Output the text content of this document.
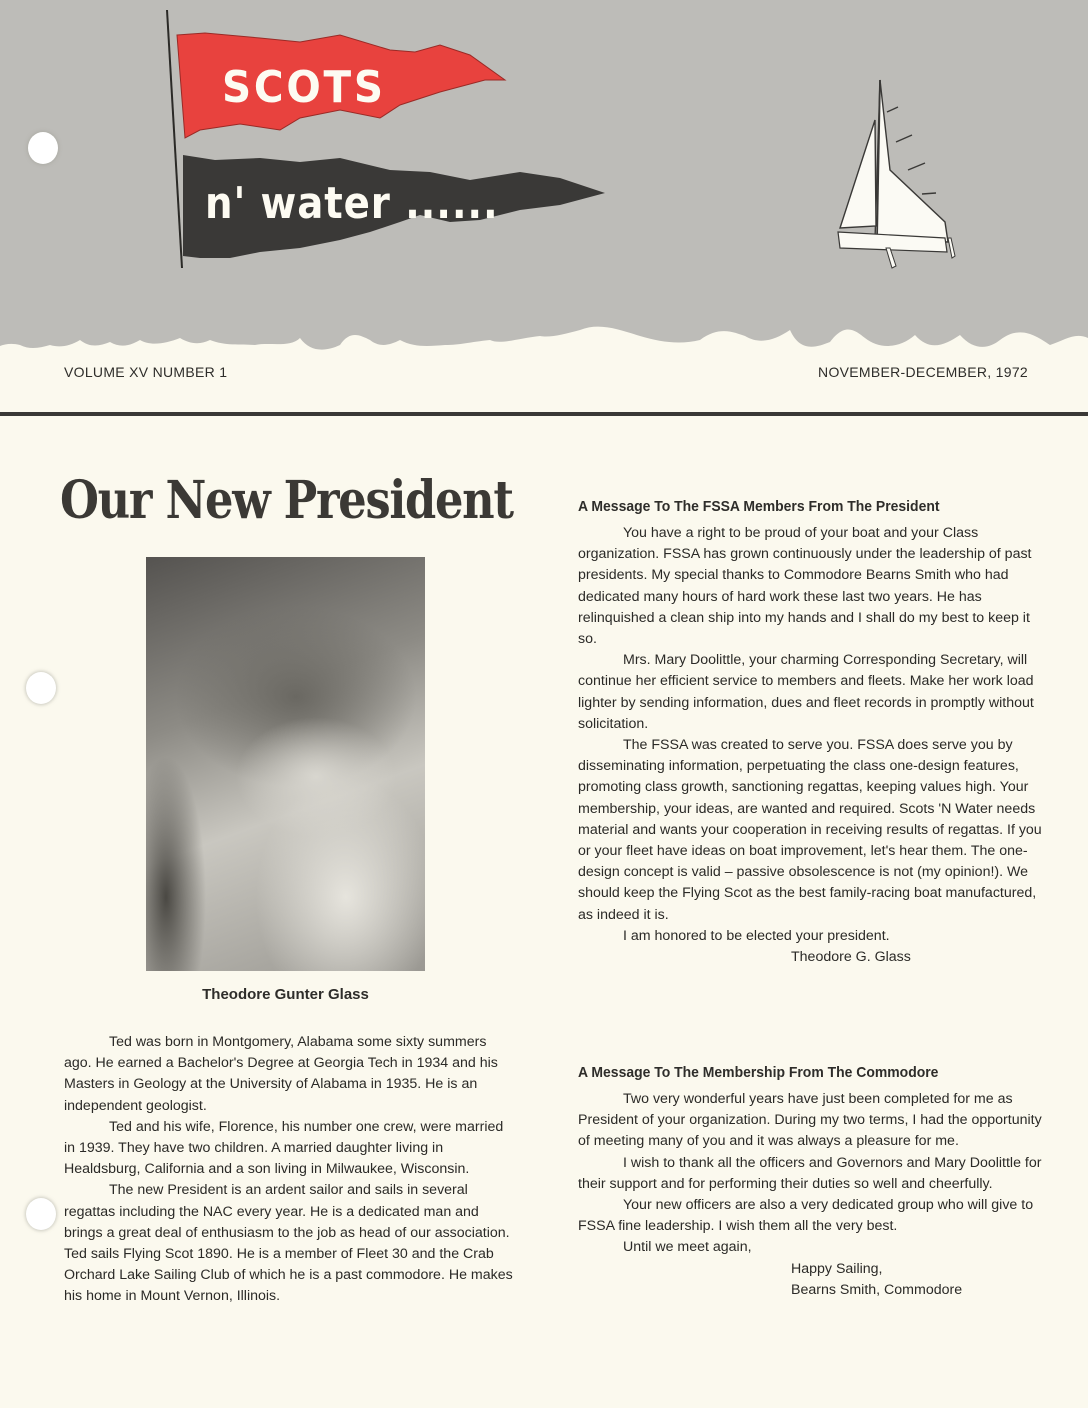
SCOTS
n' water ......
VOLUME XV NUMBER 1	NOVEMBER-DECEMBER, 1972
Our New President
Theodore Gunter Glass

Ted was born in Montgomery, Alabama some sixty summers ago. He earned a Bachelor's Degree at Georgia Tech in 1934 and his Masters in Geology at the University of Alabama in 1935. He is an independent geologist.

Ted and his wife, Florence, his number one crew, were married in 1939. They have two children. A married daughter living in Healdsburg, California and a son living in Milwaukee, Wisconsin.

The new President is an ardent sailor and sails in several regattas including the NAC every year. He is a dedicated man and brings a great deal of enthusiasm to the job as head of our association. Ted sails Flying Scot 1890. He is a member of Fleet 30 and the Crab Orchard Lake Sailing Club of which he is a past commodore. He makes his home in Mount Vernon, Illinois.

A Message To The FSSA Members From The President

You have a right to be proud of your boat and your Class organization. FSSA has grown continuously under the leadership of past presidents. My special thanks to Commodore Bearns Smith who had dedicated many hours of hard work these last two years. He has relinquished a clean ship into my hands and I shall do my best to keep it so.

Mrs. Mary Doolittle, your charming Corresponding Secretary, will continue her efficient service to members and fleets. Make her work load lighter by sending information, dues and fleet records in promptly without solicitation.

The FSSA was created to serve you. FSSA does serve you by disseminating information, perpetuating the class one-design features, promoting class growth, sanctioning regattas, keeping values high. Your membership, your ideas, are wanted and required. Scots 'N Water needs material and wants your cooperation in receiving results of regattas. If you or your fleet have ideas on boat improvement, let's hear them. The one-design concept is valid – passive obsolescence is not (my opinion!). We should keep the Flying Scot as the best family-racing boat manufactured, as indeed it is.

I am honored to be elected your president.

Theodore G. Glass

A Message To The Membership From The Commodore

Two very wonderful years have just been completed for me as President of your organization. During my two terms, I had the opportunity of meeting many of you and it was always a pleasure for me.

I wish to thank all the officers and Governors and Mary Doolittle for their support and for performing their duties so well and cheerfully.

Your new officers are also a very dedicated group who will give to FSSA fine leadership. I wish them all the very best.

Until we meet again,

Happy Sailing,

Bearns Smith, Commodore
